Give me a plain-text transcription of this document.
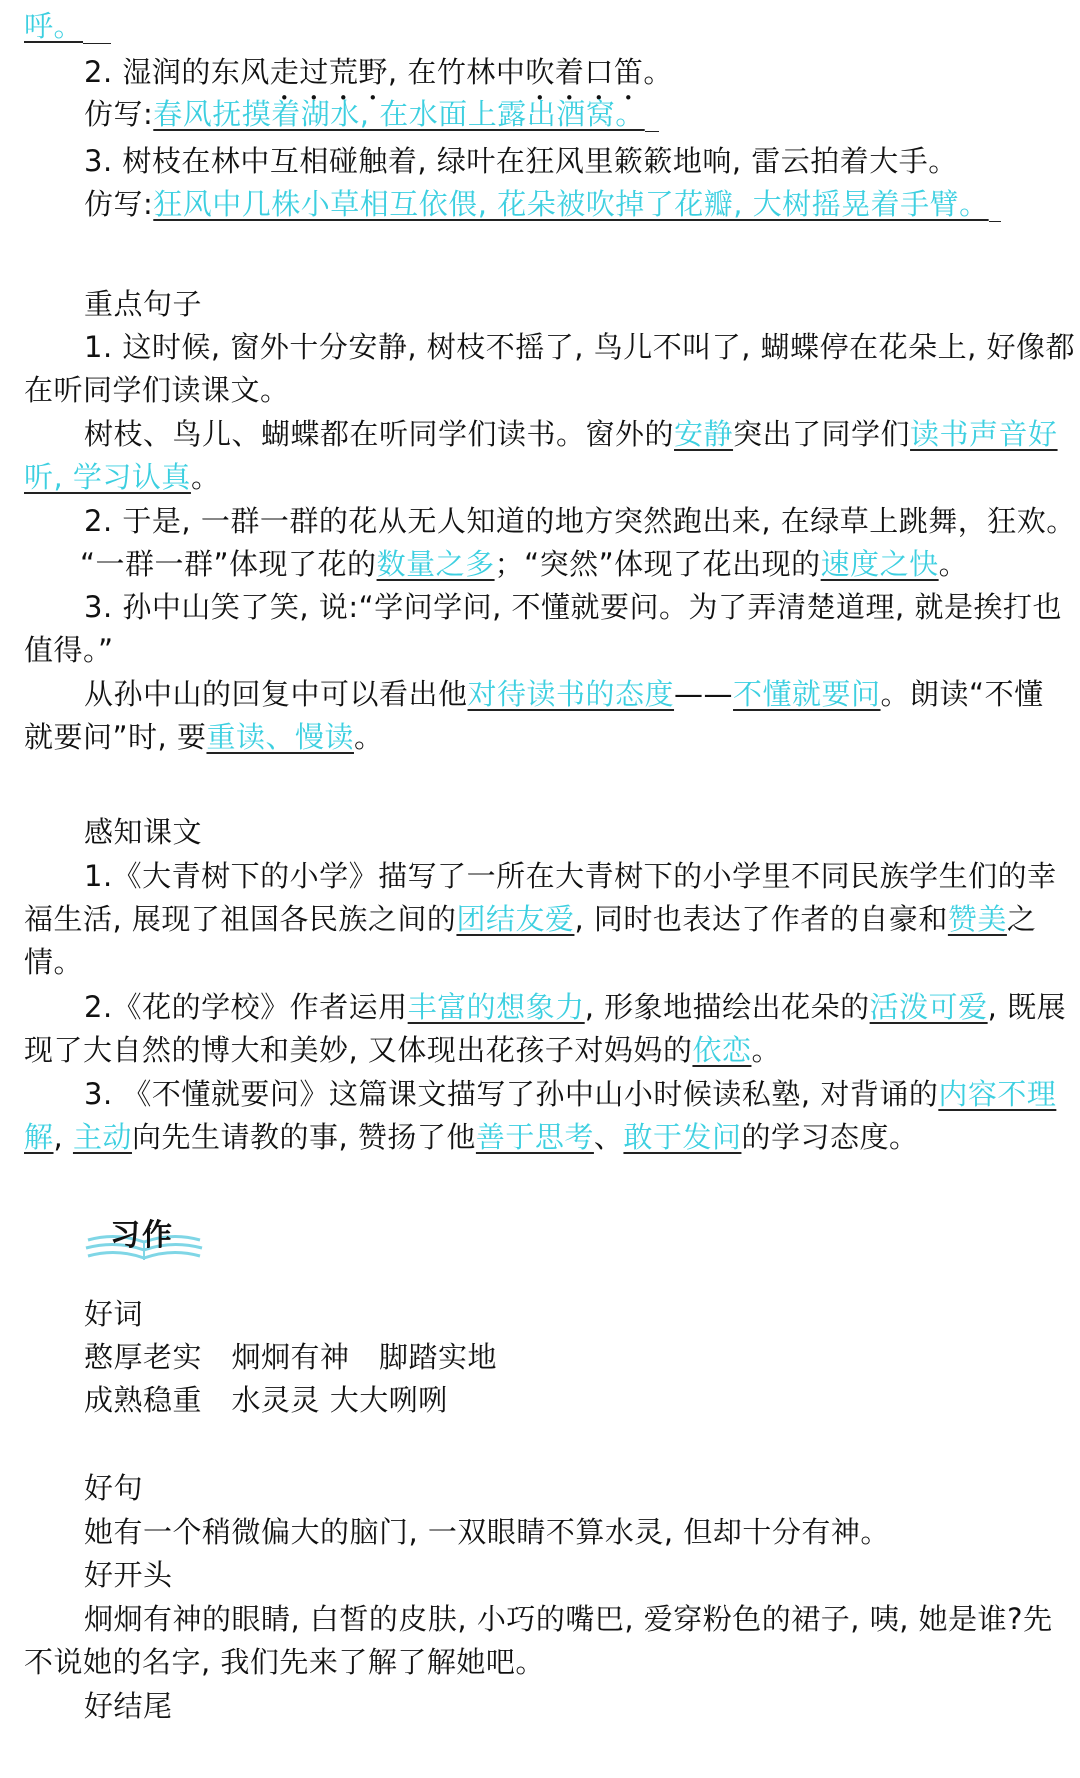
呼。
2. 湿润的东风走过荒野, 在竹林中吹着口笛。
仿写:春风抚摸着湖水, 在水面上露出酒窝。
3. 树枝在林中互相碰触着, 绿叶在狂风里簌簌地响, 雷云拍着大手。
仿写:狂风中几株小草相互依偎, 花朵被吹掉了花瓣, 大树摇晃着手臂。
重点句子
1. 这时候, 窗外十分安静, 树枝不摇了, 鸟儿不叫了, 蝴蝶停在花朵上, 好像都
在听同学们读课文。
树枝、鸟儿、蝴蝶都在听同学们读书。窗外的安静突出了同学们读书声音好
听, 学习认真。
2. 于是, 一群一群的花从无人知道的地方突然跑出来, 在绿草上跳舞，狂欢。
“一群一群”体现了花的数量之多；“突然”体现了花出现的速度之快。
3. 孙中山笑了笑, 说:“学问学问, 不懂就要问。为了弄清楚道理, 就是挨打也
值得。”
从孙中山的回复中可以看出他对待读书的态度——不懂就要问。朗读“不懂
就要问”时, 要重读、慢读。
感知课文
1.《大青树下的小学》描写了一所在大青树下的小学里不同民族学生们的幸
福生活, 展现了祖国各民族之间的团结友爱, 同时也表达了作者的自豪和赞美之
情。
2.《花的学校》作者运用丰富的想象力, 形象地描绘出花朵的活泼可爱, 既展
现了大自然的博大和美妙, 又体现出花孩子对妈妈的依恋。
3. 《不懂就要问》这篇课文描写了孙中山小时候读私塾, 对背诵的内容不理
解, 主动向先生请教的事, 赞扬了他善于思考、敢于发问的学习态度。
习作
好词
憨厚老实　炯炯有神　脚踏实地
成熟稳重　水灵灵 大大咧咧
好句
她有一个稍微偏大的脑门, 一双眼睛不算水灵, 但却十分有神。
好开头
炯炯有神的眼睛, 白皙的皮肤, 小巧的嘴巴, 爱穿粉色的裙子, 咦, 她是谁?先
不说她的名字, 我们先来了解了解她吧。
好结尾
